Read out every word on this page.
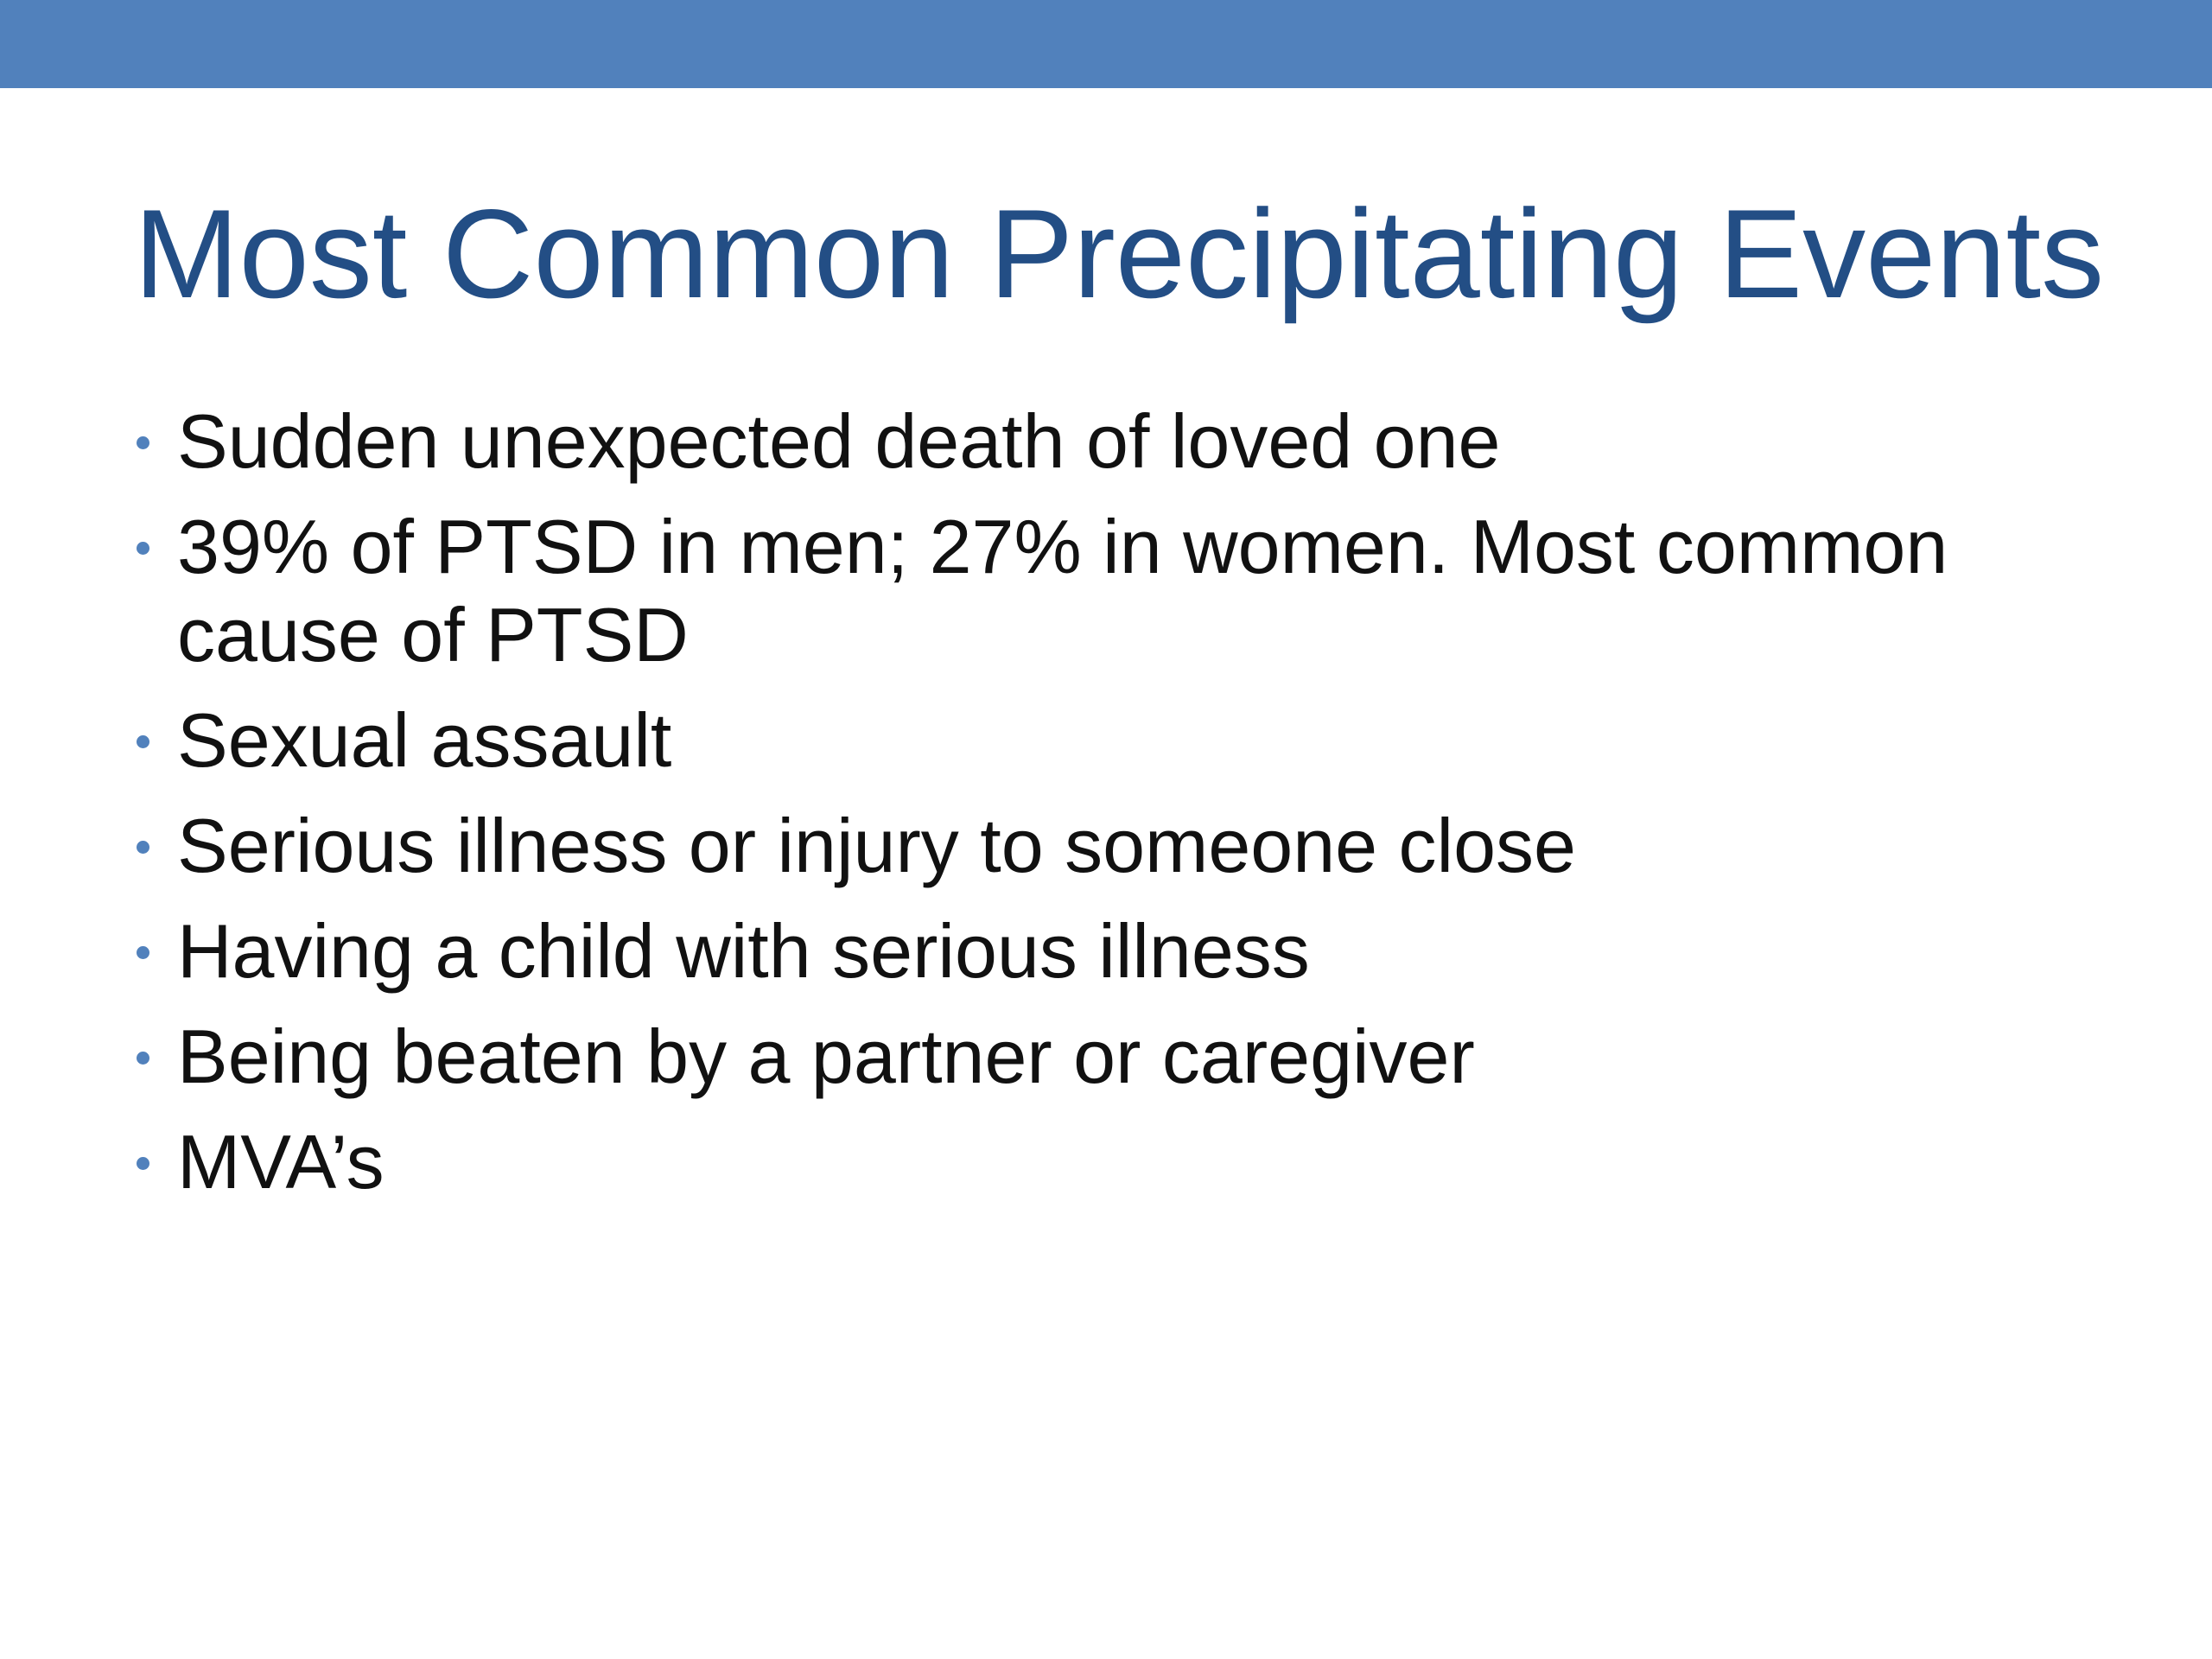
Most Common Precipitating Events
Sudden unexpected death of loved one
39% of PTSD in men; 27% in women. Most common
cause of PTSD
Sexual assault
Serious illness or injury to someone close
Having a child with serious illness
Being beaten by a partner or caregiver
MVA’s
